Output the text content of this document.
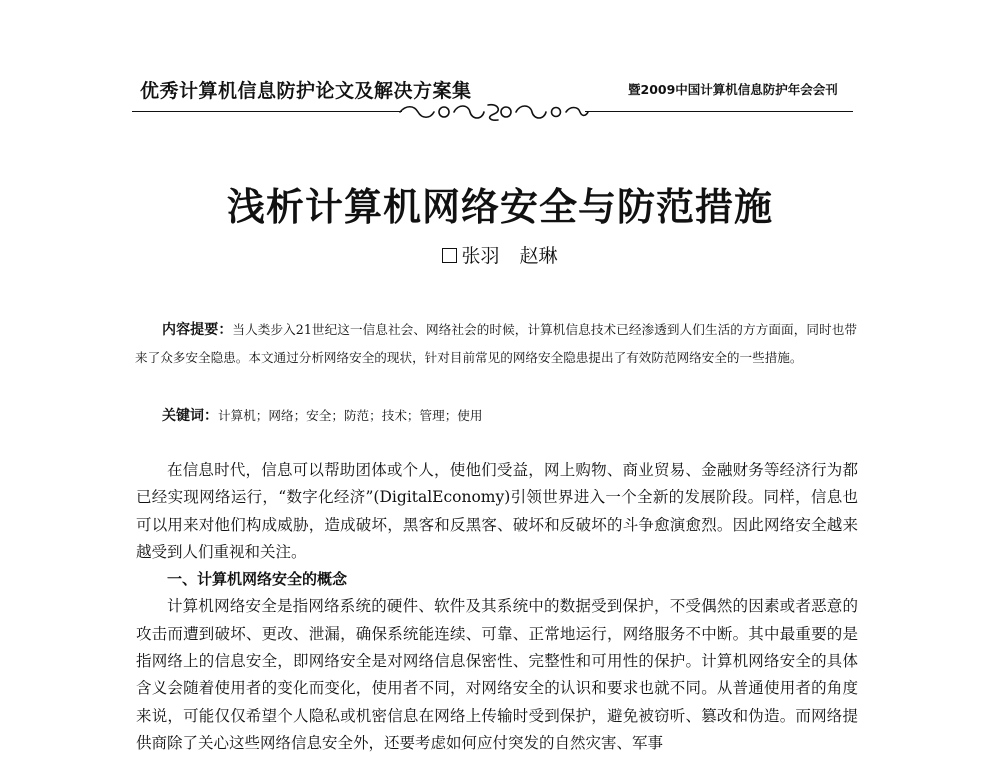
优秀计算机信息防护论文及解决方案集	暨2009中国计算机信息防护年会会刊
浅析计算机网络安全与防范措施
张羽 赵琳

内容提要：当人类步入21世纪这一信息社会、网络社会的时候，计算机信息技术已经渗透到人们生活的方方面面，同时也带来了众多安全隐患。本文通过分析网络安全的现状，针对目前常见的网络安全隐患提出了有效防范网络安全的一些措施。

关键词：计算机；网络；安全；防范；技术；管理；使用

在信息时代，信息可以帮助团体或个人，使他们受益，网上购物、商业贸易、金融财务等经济行为都已经实现网络运行，“数字化经济”(DigitalEconomy)引领世界进入一个全新的发展阶段。同样，信息也可以用来对他们构成威胁，造成破坏，黑客和反黑客、破坏和反破坏的斗争愈演愈烈。因此网络安全越来越受到人们重视和关注。

一、计算机网络安全的概念

计算机网络安全是指网络系统的硬件、软件及其系统中的数据受到保护，不受偶然的因素或者恶意的攻击而遭到破坏、更改、泄漏，确保系统能连续、可靠、正常地运行，网络服务不中断。其中最重要的是指网络上的信息安全，即网络安全是对网络信息保密性、完整性和可用性的保护。计算机网络安全的具体含义会随着使用者的变化而变化，使用者不同，对网络安全的认识和要求也就不同。从普通使用者的角度来说，可能仅仅希望个人隐私或机密信息在网络上传输时受到保护，避免被窃听、篡改和伪造。而网络提供商除了关心这些网络信息安全外，还要考虑如何应付突发的自然灾害、军事
